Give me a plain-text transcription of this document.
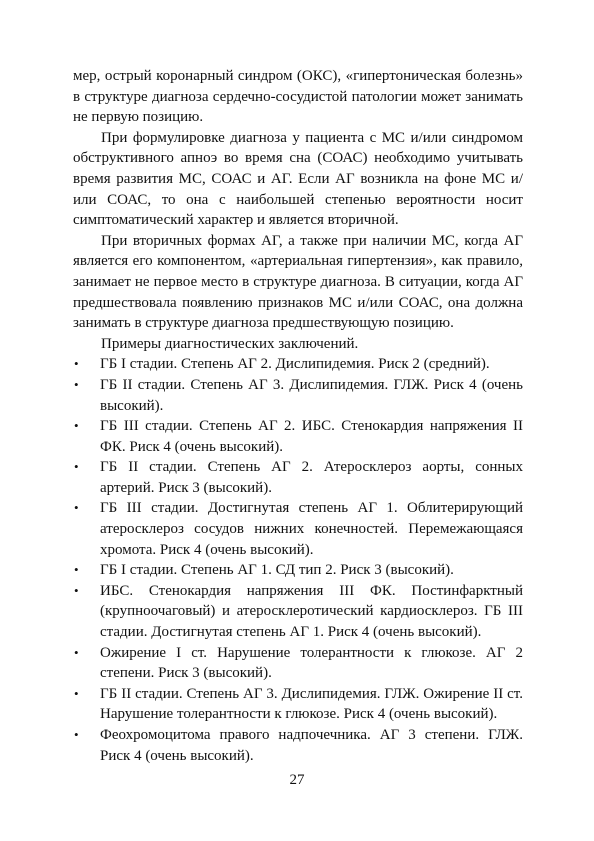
мер, острый коронарный синдром (ОКС), «гипертоническая болезнь» в структуре диагноза сердечно-сосудистой патологии может занимать не первую позицию.

При формулировке диагноза у пациента с МС и/или синдромом обструктивного апноэ во время сна (СОАС) необходимо учитывать время развития МС, СОАС и АГ. Если АГ возникла на фоне МС и/или СОАС, то она с наибольшей степенью вероятности носит симптоматический характер и является вторичной.

При вторичных формах АГ, а также при наличии МС, когда АГ является его компонентом, «артериальная гипертензия», как правило, занимает не первое место в структуре диагноза. В ситуации, когда АГ предшествовала появлению признаков МС и/или СОАС, она должна занимать в структуре диагноза предшествующую позицию.

Примеры диагностических заключений.

• ГБ I стадии. Степень АГ 2. Дислипидемия. Риск 2 (средний).
• ГБ II стадии. Степень АГ 3. Дислипидемия. ГЛЖ. Риск 4 (очень высокий).
• ГБ III стадии. Степень АГ 2. ИБС. Стенокардия напряжения II ФК. Риск 4 (очень высокий).
• ГБ II стадии. Степень АГ 2. Атеросклероз аорты, сонных артерий. Риск 3 (высокий).
• ГБ III стадии. Достигнутая степень АГ 1. Облитерирующий атеросклероз сосудов нижних конечностей. Перемежающаяся хромота. Риск 4 (очень высокий).
• ГБ I стадии. Степень АГ 1. СД тип 2. Риск 3 (высокий).
• ИБС. Стенокардия напряжения III ФК. Постинфарктный (крупноочаговый) и атеросклеротический кардиосклероз. ГБ III стадии. Достигнутая степень АГ 1. Риск 4 (очень высокий).
• Ожирение I ст. Нарушение толерантности к глюкозе. АГ 2 степени. Риск 3 (высокий).
• ГБ II стадии. Степень АГ 3. Дислипидемия. ГЛЖ. Ожирение II ст. Нарушение толерантности к глюкозе. Риск 4 (очень высокий).
• Феохромоцитома правого надпочечника. АГ 3 степени. ГЛЖ. Риск 4 (очень высокий).
27
